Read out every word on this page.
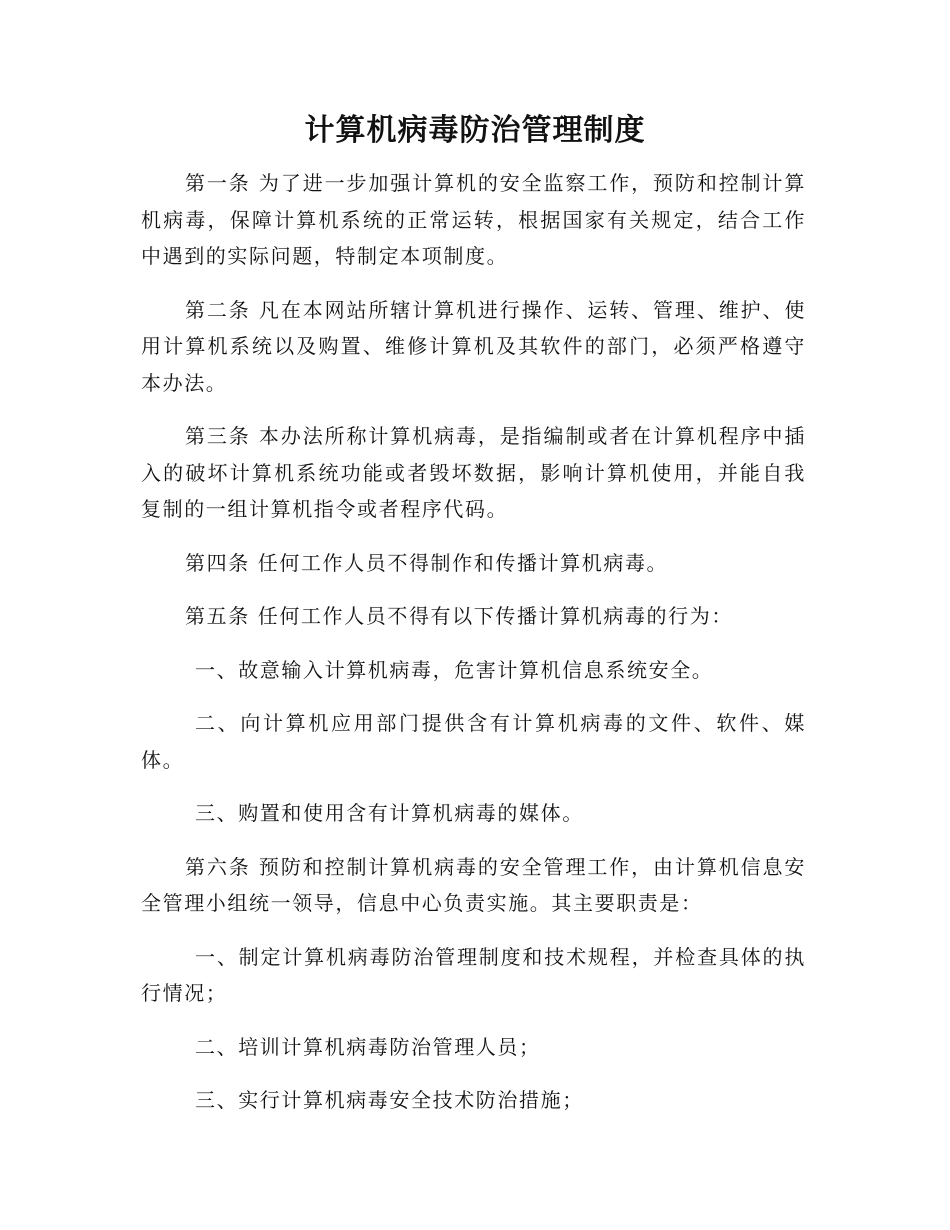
计算机病毒防治管理制度

第一条 为了进一步加强计算机的安全监察工作，预防和控制计算机病毒，保障计算机系统的正常运转，根据国家有关规定，结合工作中遇到的实际问题，特制定本项制度。

第二条 凡在本网站所辖计算机进行操作、运转、管理、维护、使用计算机系统以及购置、维修计算机及其软件的部门，必须严格遵守本办法。

第三条 本办法所称计算机病毒，是指编制或者在计算机程序中插入的破坏计算机系统功能或者毁坏数据，影响计算机使用，并能自我复制的一组计算机指令或者程序代码。

第四条 任何工作人员不得制作和传播计算机病毒。

第五条 任何工作人员不得有以下传播计算机病毒的行为：

一、故意输入计算机病毒，危害计算机信息系统安全。

二、向计算机应用部门提供含有计算机病毒的文件、软件、媒体。

三、购置和使用含有计算机病毒的媒体。

第六条 预防和控制计算机病毒的安全管理工作，由计算机信息安全管理小组统一领导，信息中心负责实施。其主要职责是：

一、制定计算机病毒防治管理制度和技术规程，并检查具体的执行情况；

二、培训计算机病毒防治管理人员；

三、实行计算机病毒安全技术防治措施；
